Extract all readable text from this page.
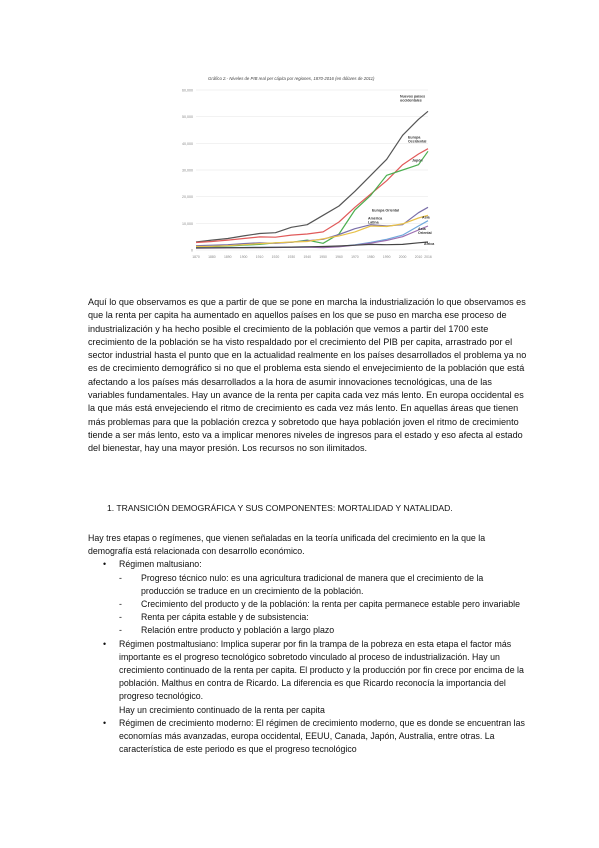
Gráfico 2.- Niveles de PIB real per cápita por regiones, 1870-2016 (en dólares de 2011)
0
10,000
20,000
30,000
40,000
50,000
60,000
1870 1880 1890 1900 1910 1920 1930 1940 1950 1960 1970 1980 1990 2000 2010 2016
Nuevos países
occidentales
Europa
Occidental
Japón
Europa Oriental
América
Latina
Asia
Asia
Oriental
África

Aquí lo que observamos es que a partir de que se pone en marcha la industrialización lo que observamos es que la renta per capita ha aumentado en aquellos países en los que se puso en marcha ese proceso de industrialización y ha hecho posible el crecimiento de la población que vemos a partir del 1700 este crecimiento de la población se ha visto respaldado por el crecimiento del PIB per capita, arrastrado por el sector industrial hasta el punto que en la actualidad realmente en los países desarrollados el problema ya no es de crecimiento demográfico si no que el problema esta siendo el envejecimiento de la población que está afectando a los países más desarrollados a la hora de asumir innovaciones tecnológicas, una de las variables fundamentales. Hay un avance de la renta per capita cada vez más lento. En europa occidental es la que más está envejeciendo el ritmo de crecimiento es cada vez más lento. En aquellas áreas que tienen más problemas para que la población crezca y sobretodo que haya población joven el ritmo de crecimiento tiende a ser más lento, esto va a implicar menores niveles de ingresos para el estado y eso afecta al estado del bienestar, hay una mayor presión. Los recursos no son ilimitados.

1. TRANSICIÓN DEMOGRÁFICA Y SUS COMPONENTES: MORTALIDAD Y NATALIDAD.
Hay tres etapas o regímenes, que vienen señaladas en la teoría unificada del crecimiento en la que la demografía está relacionada con desarrollo económico.
• Régimen maltusiano:
- Progreso técnico nulo: es una agricultura tradicional de manera que el crecimiento de la producción se traduce en un crecimiento de la población.
- Crecimiento del producto y de la población: la renta per capita permanece estable pero invariable
- Renta per cápita estable y de subsistencia:
- Relación entre producto y población a largo plazo
• Régimen postmaltusiano: Implica superar por fin la trampa de la pobreza en esta etapa el factor más importante es el progreso tecnológico sobretodo vinculado al proceso de industrialización. Hay un crecimiento continuado de la renta per capita. El producto y la producción por fin crece por encima de la población. Malthus en contra de Ricardo. La diferencia es que Ricardo reconocía la importancia del progreso tecnológico.
Hay un crecimiento continuado de la renta per capita
• Régimen de crecimiento moderno: El régimen de crecimiento moderno, que es donde se encuentran las economías más avanzadas, europa occidental, EEUU, Canada, Japón, Australia, entre otras. La característica de este periodo es que el progreso tecnológico
